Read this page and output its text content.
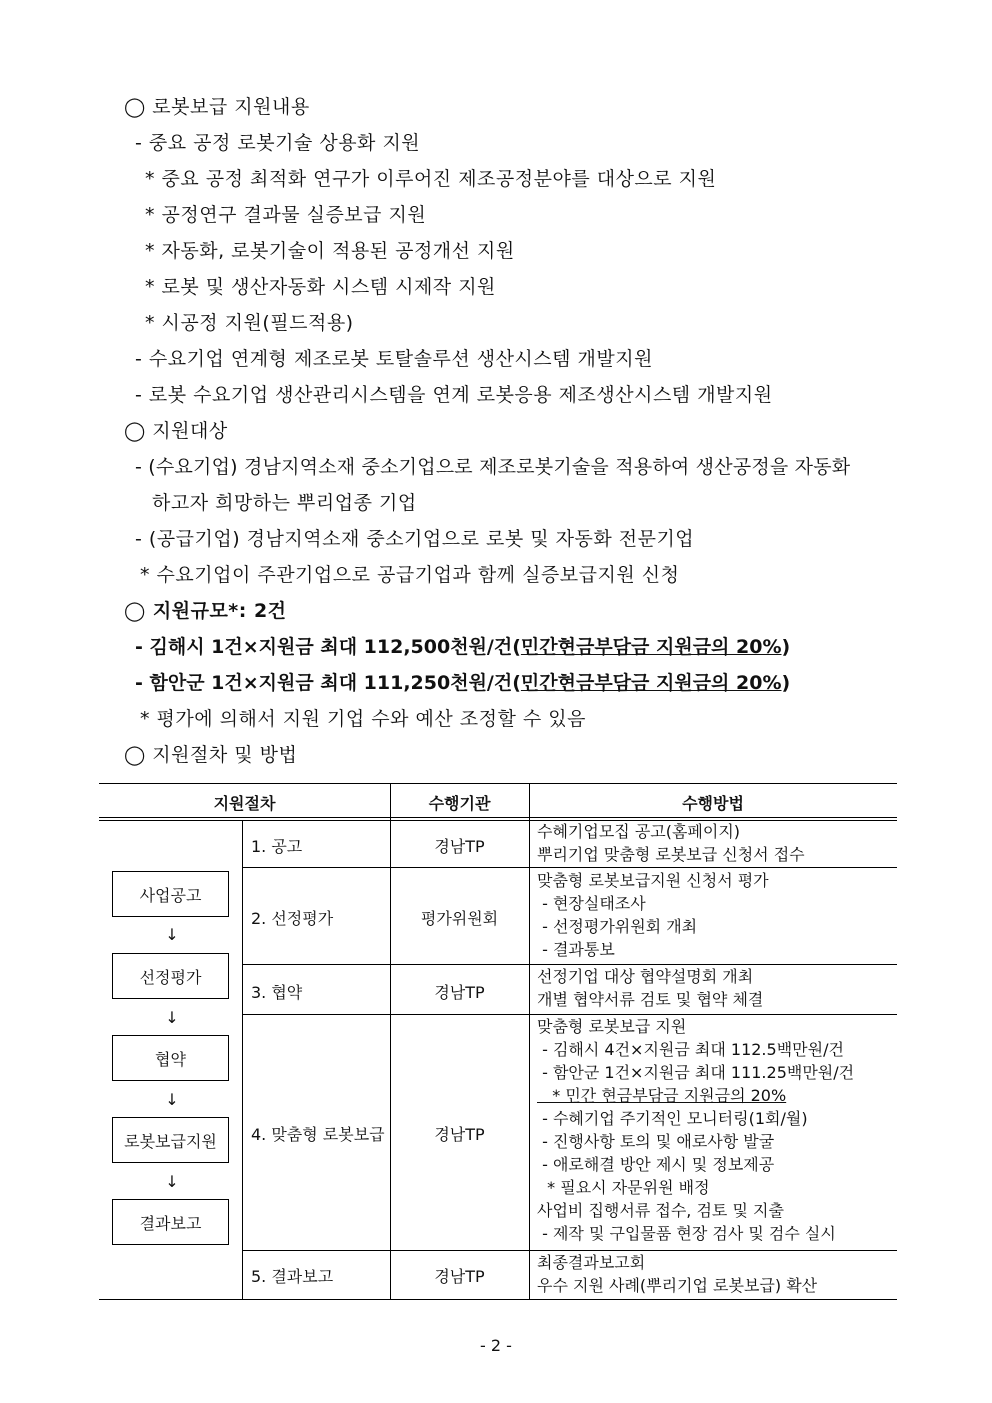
◯ 로봇보급 지원내용
- 중요 공정 로봇기술 상용화 지원
* 중요 공정 최적화 연구가 이루어진 제조공정분야를 대상으로 지원
* 공정연구 결과물 실증보급 지원
* 자동화, 로봇기술이 적용된 공정개선 지원
* 로봇 및 생산자동화 시스템 시제작 지원
* 시공정 지원(필드적용)
- 수요기업 연계형 제조로봇 토탈솔루션 생산시스템 개발지원
- 로봇 수요기업 생산관리시스템을 연계 로봇응용 제조생산시스템 개발지원
◯ 지원대상
- (수요기업) 경남지역소재 중소기업으로 제조로봇기술을 적용하여 생산공정을 자동화
하고자 희망하는 뿌리업종 기업
- (공급기업) 경남지역소재 중소기업으로 로봇 및 자동화 전문기업
* 수요기업이 주관기업으로 공급기업과 함께 실증보급지원 신청
◯ 지원규모*: 2건
- 김해시 1건×지원금 최대 112,500천원/건(민간현금부담금 지원금의 20%)
- 함안군 1건×지원금 최대 111,250천원/건(민간현금부담금 지원금의 20%)
* 평가에 의해서 지원 기업 수와 예산 조정할 수 있음
◯ 지원절차 및 방법
지원절차	수행기관	수행방법
사업공고
↓
선정평가
↓
협약
↓
로봇보급지원
↓
결과보고
1. 공고	경남TP
수혜기업모집 공고(홈페이지)
뿌리기업 맞춤형 로봇보급 신청서 접수
2. 선정평가	평가위원회
맞춤형 로봇보급지원 신청서 평가
- 현장실태조사
- 선정평가위원회 개최
- 결과통보
3. 협약	경남TP
선정기업 대상 협약설명회 개최
개별 협약서류 검토 및 협약 체결
4. 맞춤형 로봇보급	경남TP
맞춤형 로봇보급 지원
- 김해시 4건×지원금 최대 112.5백만원/건
- 함안군 1건×지원금 최대 111.25백만원/건
* 민간 현금부담금 지원금의 20%
- 수혜기업 주기적인 모니터링(1회/월)
- 진행사항 토의 및 애로사항 발굴
- 애로해결 방안 제시 및 정보제공
* 필요시 자문위원 배정
사업비 집행서류 접수, 검토 및 지출
- 제작 및 구입물품 현장 검사 및 검수 실시
5. 결과보고	경남TP
최종결과보고회
우수 지원 사례(뿌리기업 로봇보급) 확산
- 2 -
